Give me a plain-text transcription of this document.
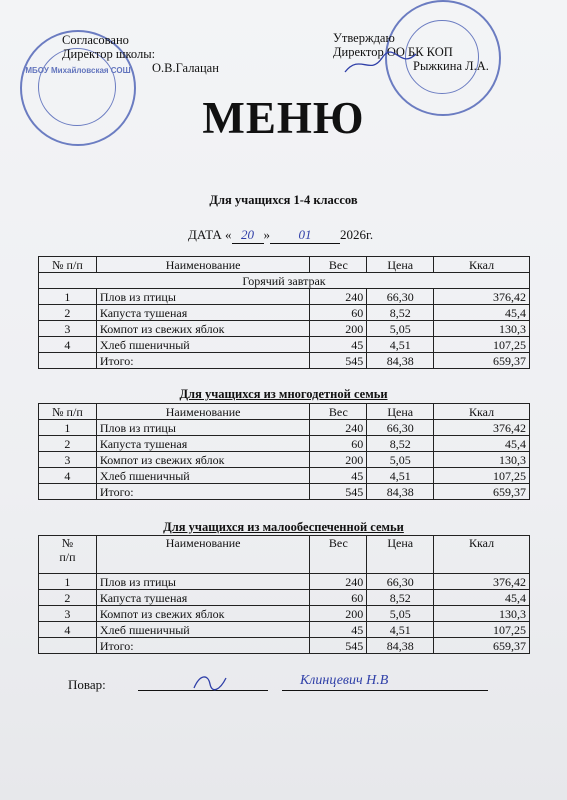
МБОУ Михайловская СОШ
Согласовано
Директор школы:
О.В.Галацан
Утверждаю
Директор ОО БК КОП
Рыжкина Л.А.
МЕНЮ
Для учащихся 1-4 классов
ДАТА « 20 » 01 2026г.
№ п/п	Наименование	Вес	Цена	Ккал
Горячий завтрак				
1	Плов из птицы	240	66,30	376,42
2	Капуста тушеная	60	8,52	45,4
3	Компот из свежих яблок	200	5,05	130,3
4	Хлеб пшеничный	45	4,51	107,25
	Итого:	545	84,38	659,37
Для учащихся из многодетной семьи
№ п/п	Наименование	Вес	Цена	Ккал
1	Плов из птицы	240	66,30	376,42
2	Капуста тушеная	60	8,52	45,4
3	Компот из свежих яблок	200	5,05	130,3
4	Хлеб пшеничный	45	4,51	107,25
	Итого:	545	84,38	659,37
Для учащихся из малообеспеченной семьи
№
п/п	Наименование	Вес	Цена	Ккал
1	Плов из птицы	240	66,30	376,42
2	Капуста тушеная	60	8,52	45,4
3	Компот из свежих яблок	200	5,05	130,3
4	Хлеб пшеничный	45	4,51	107,25
	Итого:	545	84,38	659,37
Повар:	Клинцевич Н.В
